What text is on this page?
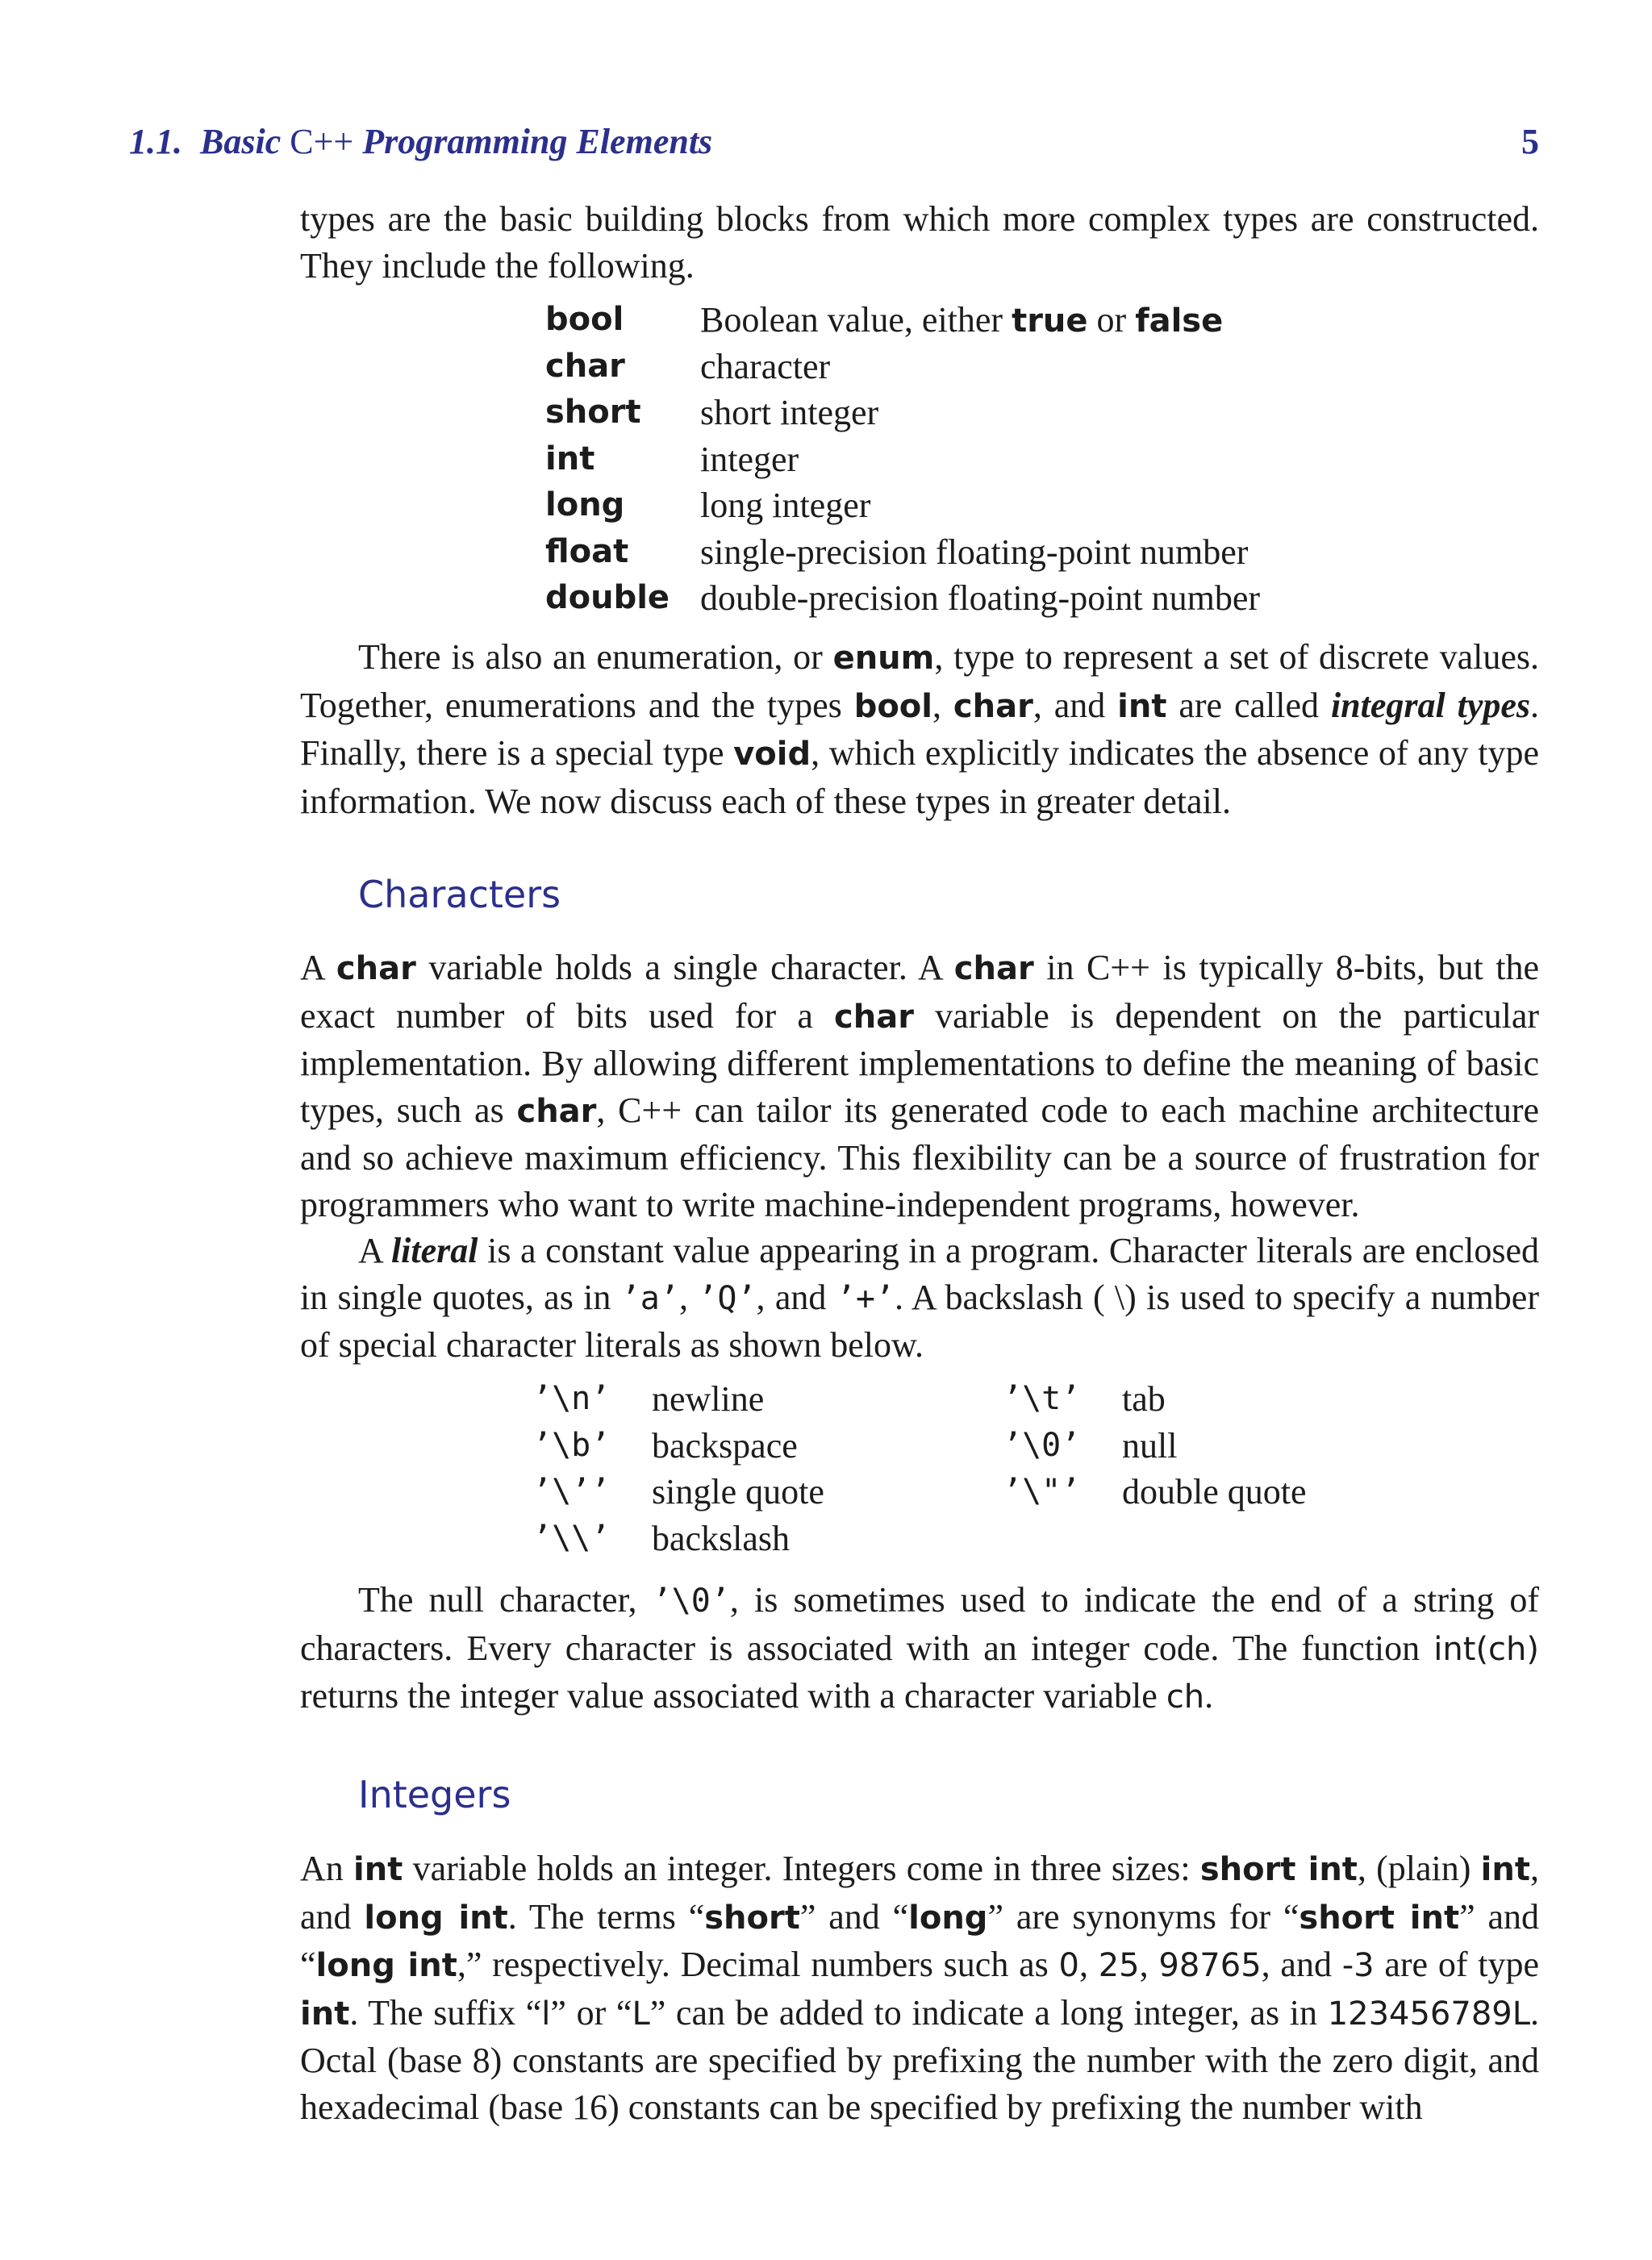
1.1. Basic C++ Programming Elements	5

types are the basic building blocks from which more complex types are constructed. They include the following.

bool	Boolean value, either true or false
char	character
short	short integer
int	integer
long	long integer
float	single-precision floating-point number
double double-precision floating-point number

There is also an enumeration, or enum, type to represent a set of discrete values. Together, enumerations and the types bool, char, and int are called integral types. Finally, there is a special type void, which explicitly indicates the absence of any type information. We now discuss each of these types in greater detail.

Characters

A char variable holds a single character. A char in C++ is typically 8-bits, but the exact number of bits used for a char variable is dependent on the particular implementation. By allowing different implementations to define the meaning of basic types, such as char, C++ can tailor its generated code to each machine architecture and so achieve maximum efficiency. This flexibility can be a source of frustration for programmers who want to write machine-independent programs, however.

A literal is a constant value appearing in a program. Character literals are enclosed in single quotes, as in ’a’, ’Q’, and ’+’. A backslash ( \) is used to specify a number of special character literals as shown below.

’\n’	newline
’\b’	backspace
’\’’	single quote
’\\’	backslash
’\t’	tab
’\0’	null
’\"’	double quote

The null character, ’\0’, is sometimes used to indicate the end of a string of characters. Every character is associated with an integer code. The function int(ch) returns the integer value associated with a character variable ch.

Integers

An int variable holds an integer. Integers come in three sizes: short int, (plain) int, and long int. The terms “short” and “long” are synonyms for “short int” and “long int,” respectively. Decimal numbers such as 0, 25, 98765, and -3 are of type int. The suffix “l” or “L” can be added to indicate a long integer, as in 123456789L. Octal (base 8) constants are specified by prefixing the number with the zero digit, and hexadecimal (base 16) constants can be specified by prefixing the number with
